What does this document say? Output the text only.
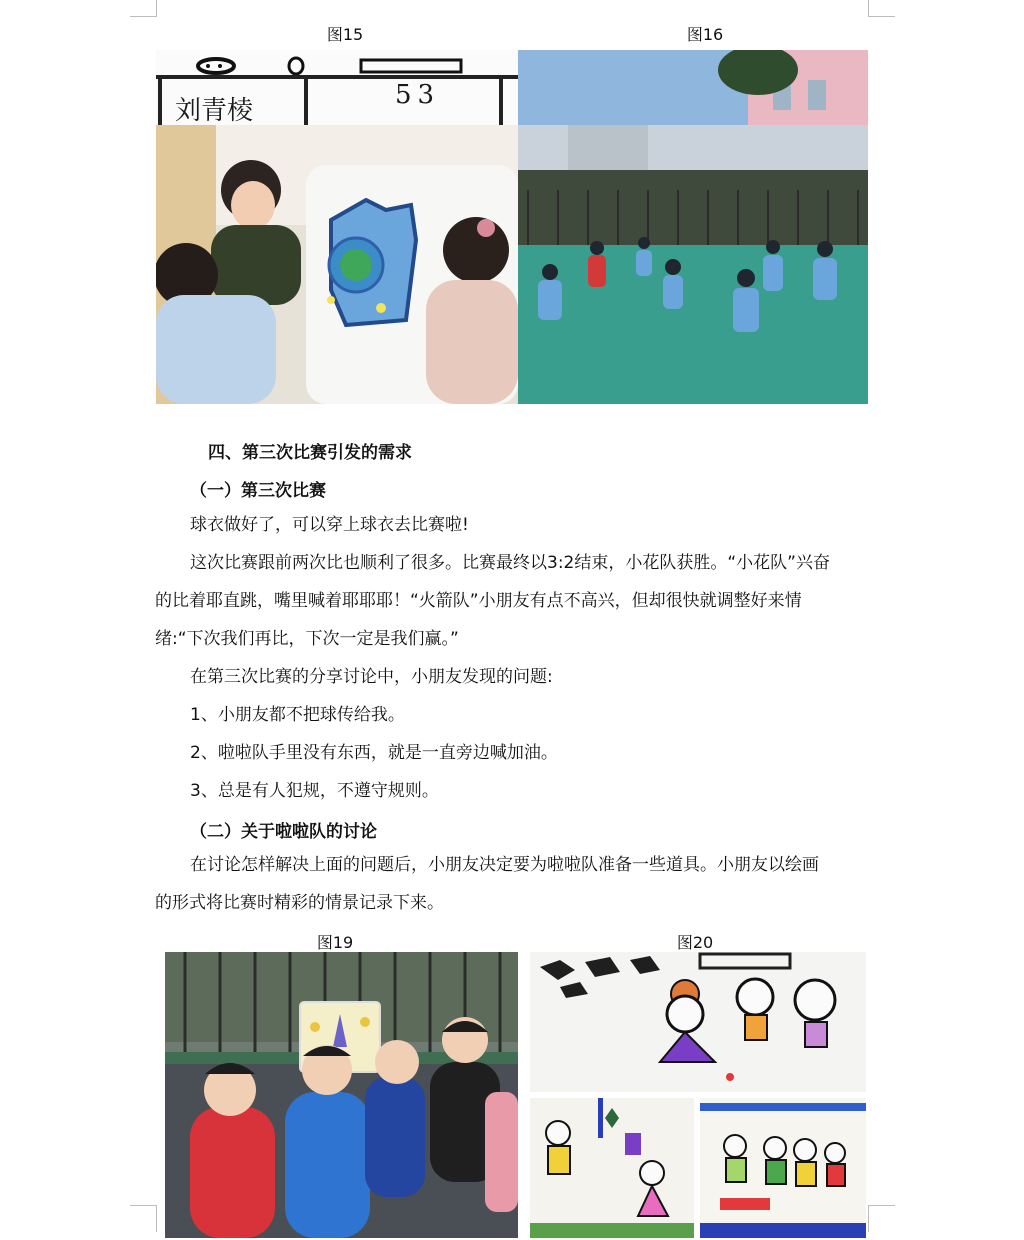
图15	图16
四、第三次比赛引发的需求
（一）第三次比赛
球衣做好了，可以穿上球衣去比赛啦!
这次比赛跟前两次比也顺利了很多。比赛最终以3:2结束，小花队获胜。“小花队”兴奋
的比着耶直跳，嘴里喊着耶耶耶！“火箭队”小朋友有点不高兴，但却很快就调整好来情
绪:“下次我们再比，下次一定是我们赢。”
在第三次比赛的分享讨论中，小朋友发现的问题:
1、小朋友都不把球传给我。
2、啦啦队手里没有东西，就是一直旁边喊加油。
3、总是有人犯规，不遵守规则。
（二）关于啦啦队的讨论
在讨论怎样解决上面的问题后，小朋友决定要为啦啦队准备一些道具。小朋友以绘画
的形式将比赛时精彩的情景记录下来。
图19	图20
刘青棱
53
